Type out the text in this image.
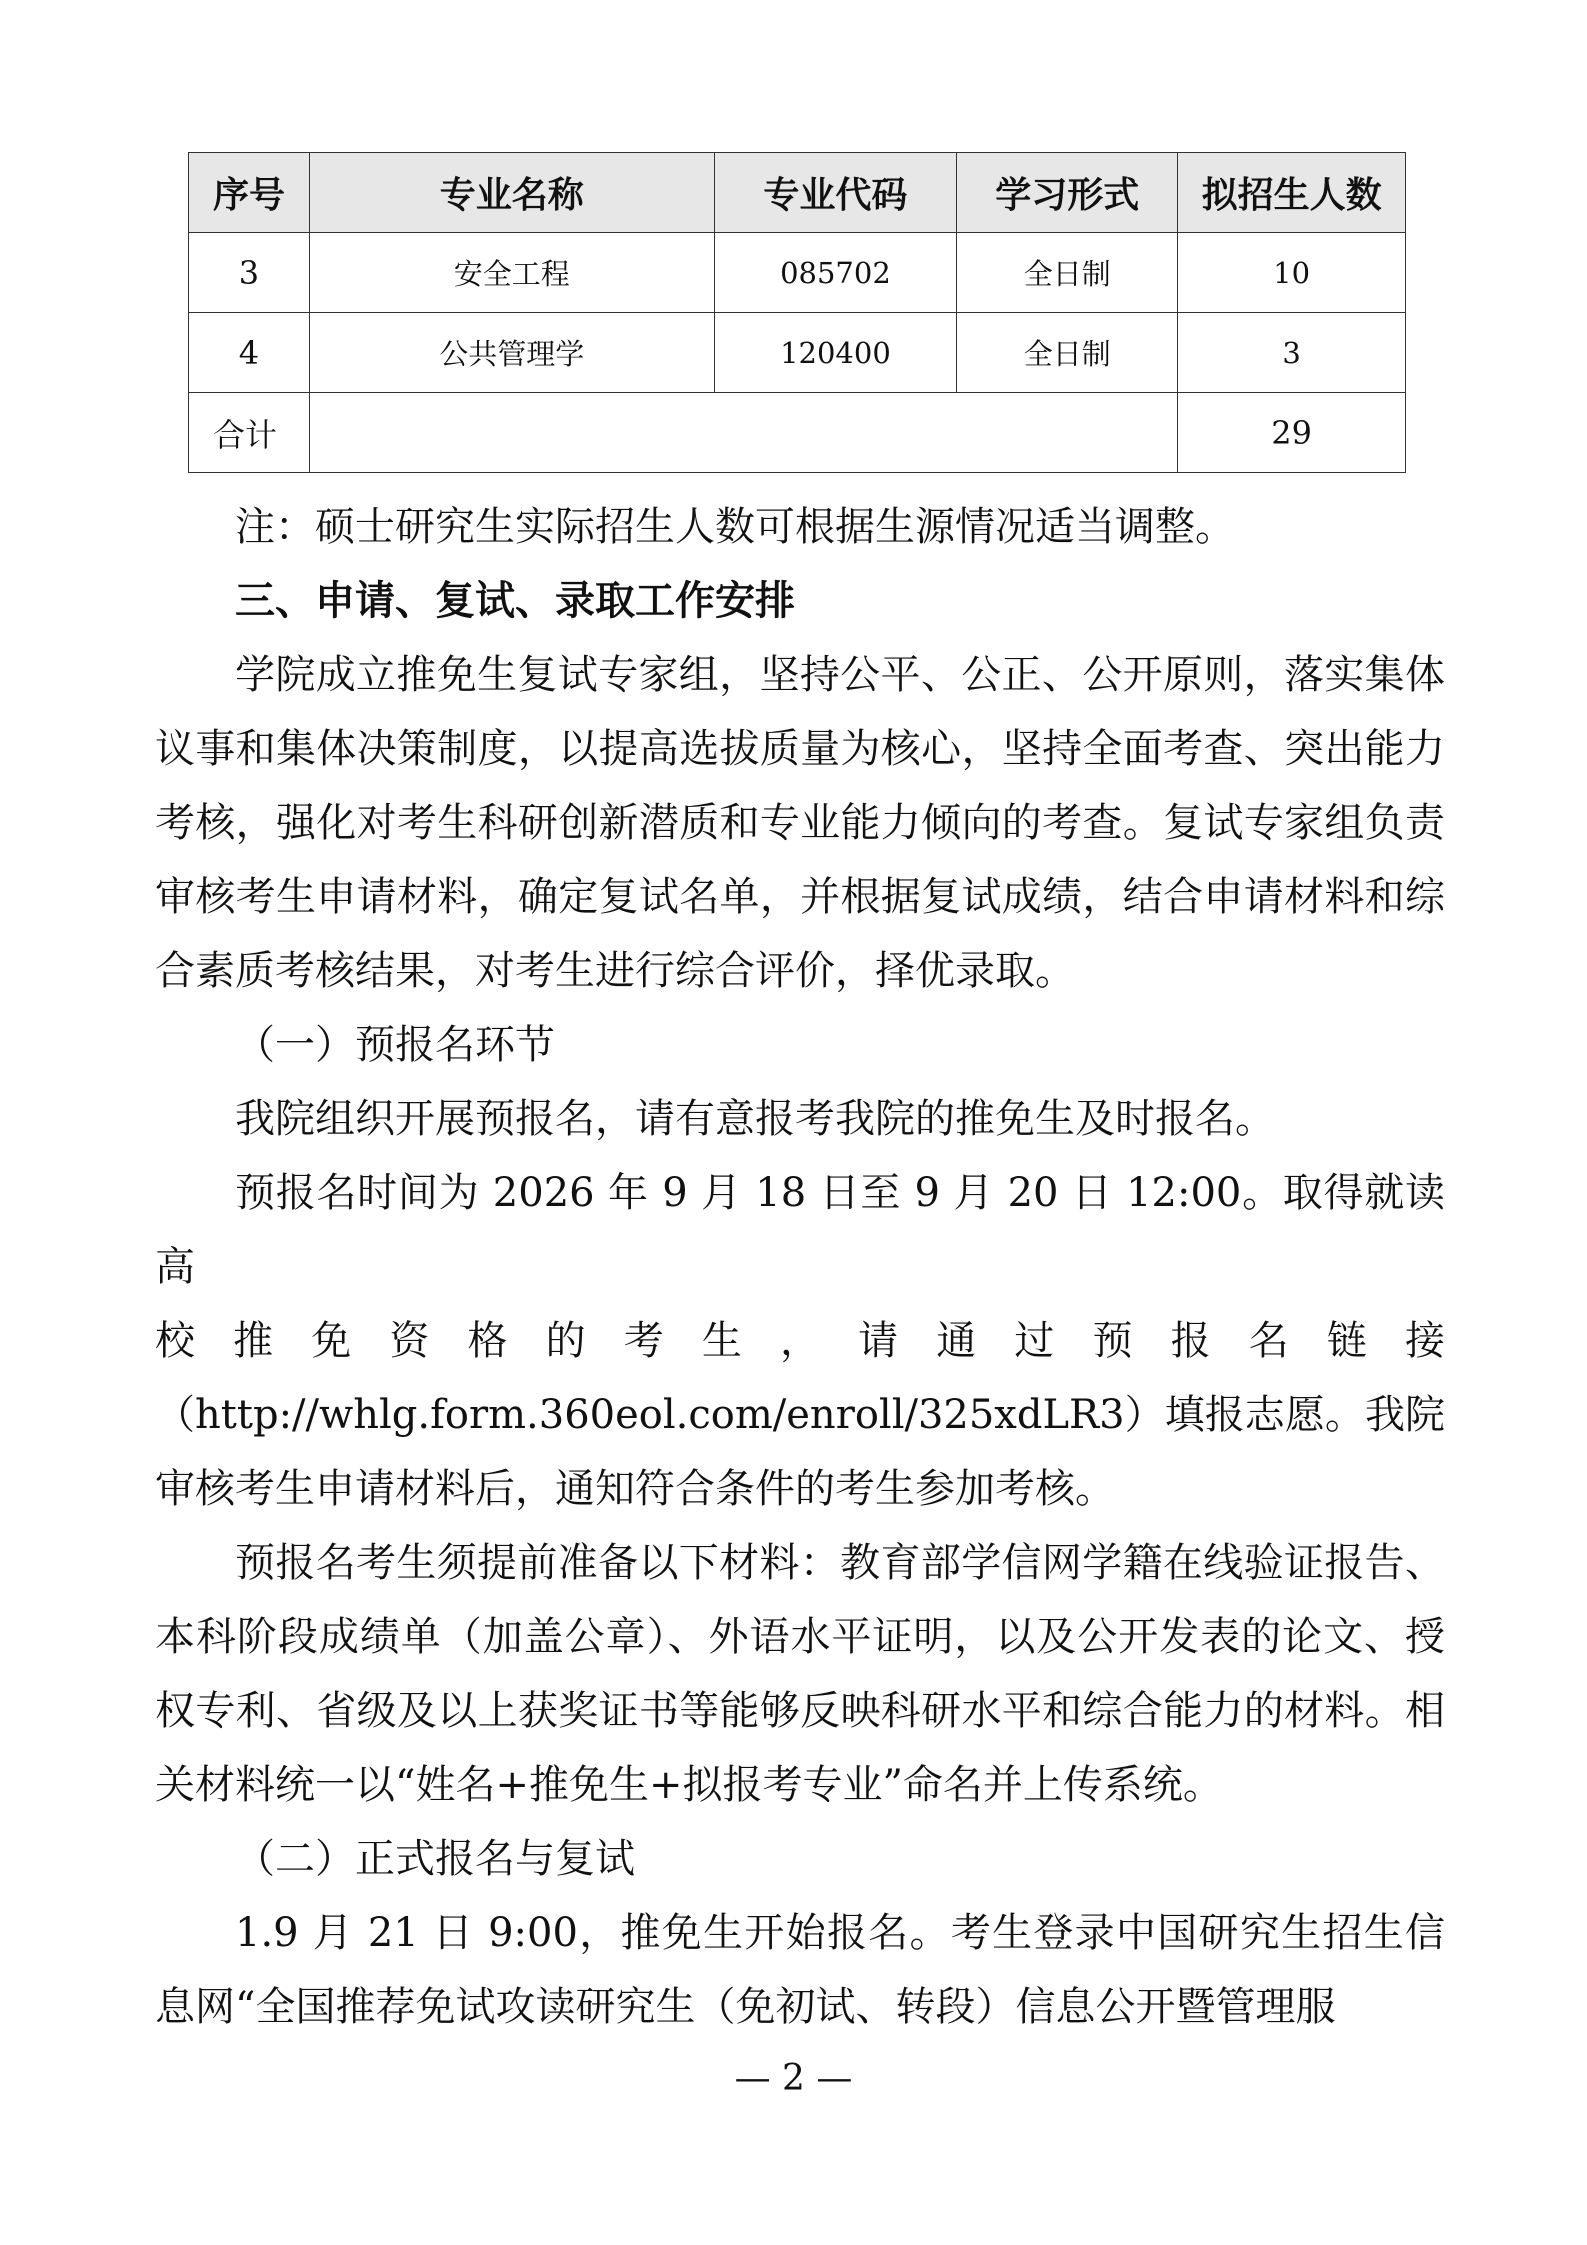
序号	专业名称	专业代码	学习形式	拟招生人数
3	安全工程	085702	全日制	10
4	公共管理学	120400	全日制	3
合计				29

注：硕士研究生实际招生人数可根据生源情况适当调整。

三、申请、复试、录取工作安排

学院成立推免生复试专家组，坚持公平、公正、公开原则，落实集体议事和集体决策制度，以提高选拔质量为核心，坚持全面考查、突出能力考核，强化对考生科研创新潜质和专业能力倾向的考查。复试专家组负责审核考生申请材料，确定复试名单，并根据复试成绩，结合申请材料和综合素质考核结果，对考生进行综合评价，择优录取。

（一）预报名环节

我院组织开展预报名，请有意报考我院的推免生及时报名。

预报名时间为 2026 年 9 月 18 日至 9 月 20 日 12:00。取得就读高

校 推 免 资 格 的 考 生 ， 请 通 过 预 报 名 链 接

（http://whlg.form.360eol.com/enroll/325xdLR3）填报志愿。我院审核考生申请材料后，通知符合条件的考生参加考核。

预报名考生须提前准备以下材料：教育部学信网学籍在线验证报告、本科阶段成绩单（加盖公章）、外语水平证明，以及公开发表的论文、授权专利、省级及以上获奖证书等能够反映科研水平和综合能力的材料。相关材料统一以“姓名+推免生+拟报考专业”命名并上传系统。

（二）正式报名与复试

1.9 月 21 日 9:00，推免生开始报名。考生登录中国研究生招生信息网“全国推荐免试攻读研究生（免初试、转段）信息公开暨管理服

— 2 —
